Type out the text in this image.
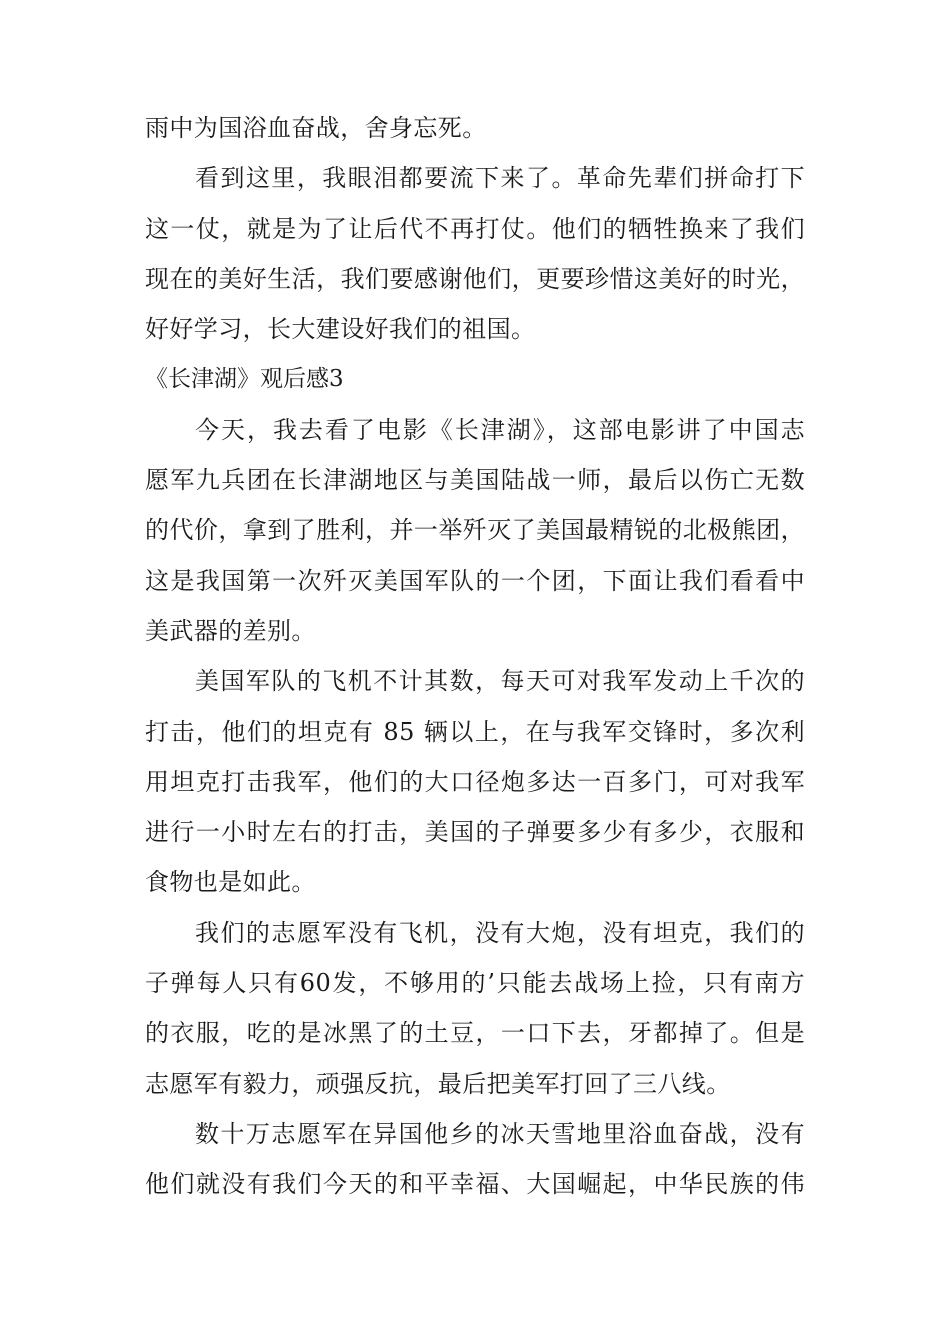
雨中为国浴血奋战，舍身忘死。
看到这里，我眼泪都要流下来了。革命先辈们拼命打下
这一仗，就是为了让后代不再打仗。他们的牺牲换来了我们
现在的美好生活，我们要感谢他们，更要珍惜这美好的时光，
好好学习，长大建设好我们的祖国。
《长津湖》观后感3
今天，我去看了电影《长津湖》，这部电影讲了中国志
愿军九兵团在长津湖地区与美国陆战一师，最后以伤亡无数
的代价，拿到了胜利，并一举歼灭了美国最精锐的北极熊团，
这是我国第一次歼灭美国军队的一个团，下面让我们看看中
美武器的差别。
美国军队的飞机不计其数，每天可对我军发动上千次的
打击，他们的坦克有 85 辆以上，在与我军交锋时，多次利
用坦克打击我军，他们的大口径炮多达一百多门，可对我军
进行一小时左右的打击，美国的子弹要多少有多少，衣服和
食物也是如此。
我们的志愿军没有飞机，没有大炮，没有坦克，我们的
子弹每人只有60发，不够用的’只能去战场上捡，只有南方
的衣服，吃的是冰黑了的土豆，一口下去，牙都掉了。但是
志愿军有毅力，顽强反抗，最后把美军打回了三八线。
数十万志愿军在异国他乡的冰天雪地里浴血奋战，没有
他们就没有我们今天的和平幸福、大国崛起，中华民族的伟
